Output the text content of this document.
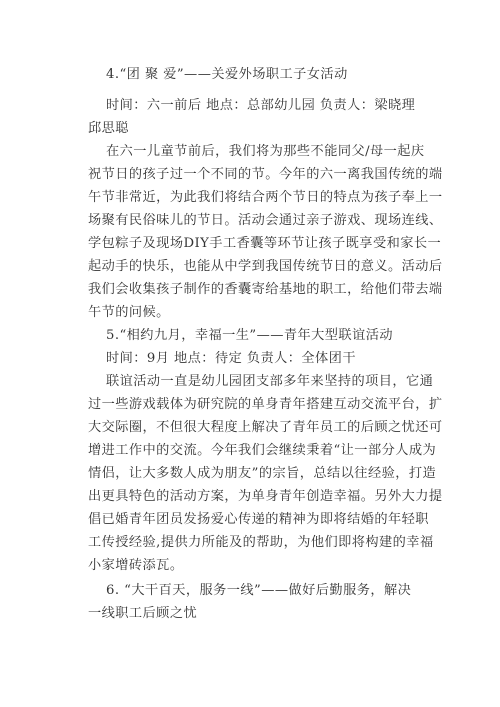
4.“团 聚 爱”——关爱外场职工子女活动
时间：六一前后 地点：总部幼儿园 负责人：梁晓理
邱思聪
在六一儿童节前后，我们将为那些不能同父/母一起庆
祝节日的孩子过一个不同的节。今年的六一离我国传统的端
午节非常近，为此我们将结合两个节日的特点为孩子奉上一
场聚有民俗味儿的节日。活动会通过亲子游戏、现场连线、
学包粽子及现场DIY手工香囊等环节让孩子既享受和家长一
起动手的快乐，也能从中学到我国传统节日的意义。活动后
我们会收集孩子制作的香囊寄给基地的职工，给他们带去端
午节的问候。
5.“相约九月，幸福一生”——青年大型联谊活动
时间：9月 地点：待定 负责人：全体团干
联谊活动一直是幼儿园团支部多年来坚持的项目，它通
过一些游戏载体为研究院的单身青年搭建互动交流平台，扩
大交际圈，不但很大程度上解决了青年员工的后顾之忧还可
增进工作中的交流。今年我们会继续秉着“让一部分人成为
情侣，让大多数人成为朋友”的宗旨，总结以往经验，打造
出更具特色的活动方案，为单身青年创造幸福。另外大力提
倡已婚青年团员发扬爱心传递的精神为即将结婚的年轻职
工传授经验,提供力所能及的帮助，为他们即将构建的幸福
小家增砖添瓦。
6. “大干百天，服务一线”——做好后勤服务，解决
一线职工后顾之忧
